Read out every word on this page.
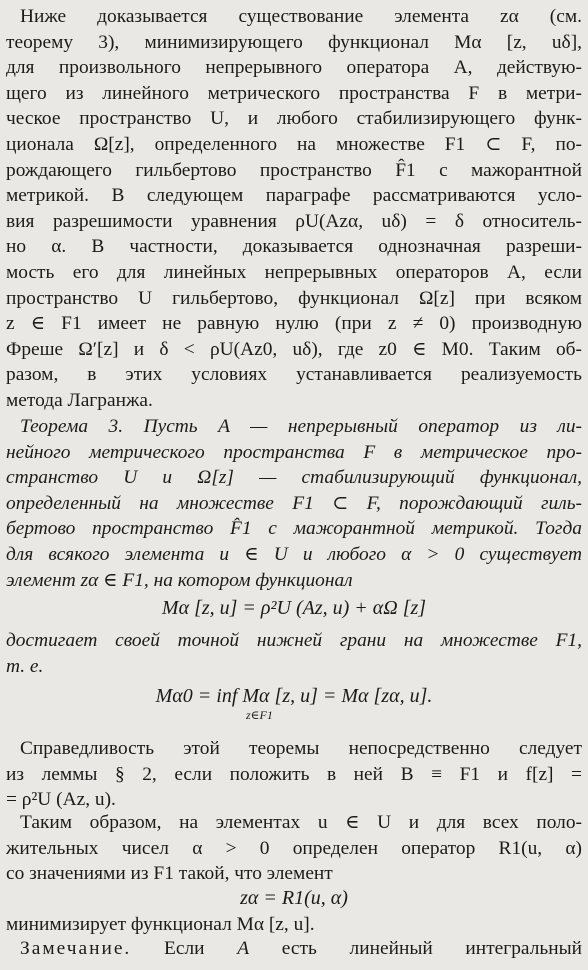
Ниже доказывается существование элемента zα (см.
теорему 3), минимизирующего функционал Mα [z, uδ],
для произвольного непрерывного оператора A, действую-
щего из линейного метрического пространства F в метри-
ческое пространство U, и любого стабилизирующего функ-
ционала Ω[z], определенного на множестве F1 ⊂ F, по-
рождающего гильбертово пространство F̂1 с мажорантной
метрикой. В следующем параграфе рассматриваются усло-
вия разрешимости уравнения ρU(Azα, uδ) = δ относитель-
но α. В частности, доказывается однозначная разреши-
мость его для линейных непрерывных операторов A, если
пространство U гильбертово, функционал Ω[z] при всяком
z ∈ F1 имеет не равную нулю (при z ≠ 0) производную
Фреше Ω′[z] и δ < ρU(Az0, uδ), где z0 ∈ M0. Таким об-
разом, в этих условиях устанавливается реализуемость
метода Лагранжа.
Теорема 3. Пусть A — непрерывный оператор из ли-
нейного метрического пространства F в метрическое про-
странство U и Ω[z] — стабилизирующий функционал,
определенный на множестве F1 ⊂ F, порождающий гиль-
бертово пространство F̂1 с мажорантной метрикой. Тогда
для всякого элемента u ∈ U и любого α > 0 существует
элемент zα ∈ F1, на котором функционал
Mα [z, u] = ρ²U (Az, u) + αΩ [z]
достигает своей точной нижней грани на множестве F1,
т. е.
Mα0 = inf Mα [z, u] = Mα [zα, u].
z∈F1
Справедливость этой теоремы непосредственно следует
из леммы § 2, если положить в ней B ≡ F1 и f[z] =
= ρ²U (Az, u).
Таким образом, на элементах u ∈ U и для всех поло-
жительных чисел α > 0 определен оператор R1(u, α)
со значениями из F1 такой, что элемент
zα = R1(u, α)
минимизирует функционал Mα [z, u].
Замечание. Если A есть линейный интегральный
